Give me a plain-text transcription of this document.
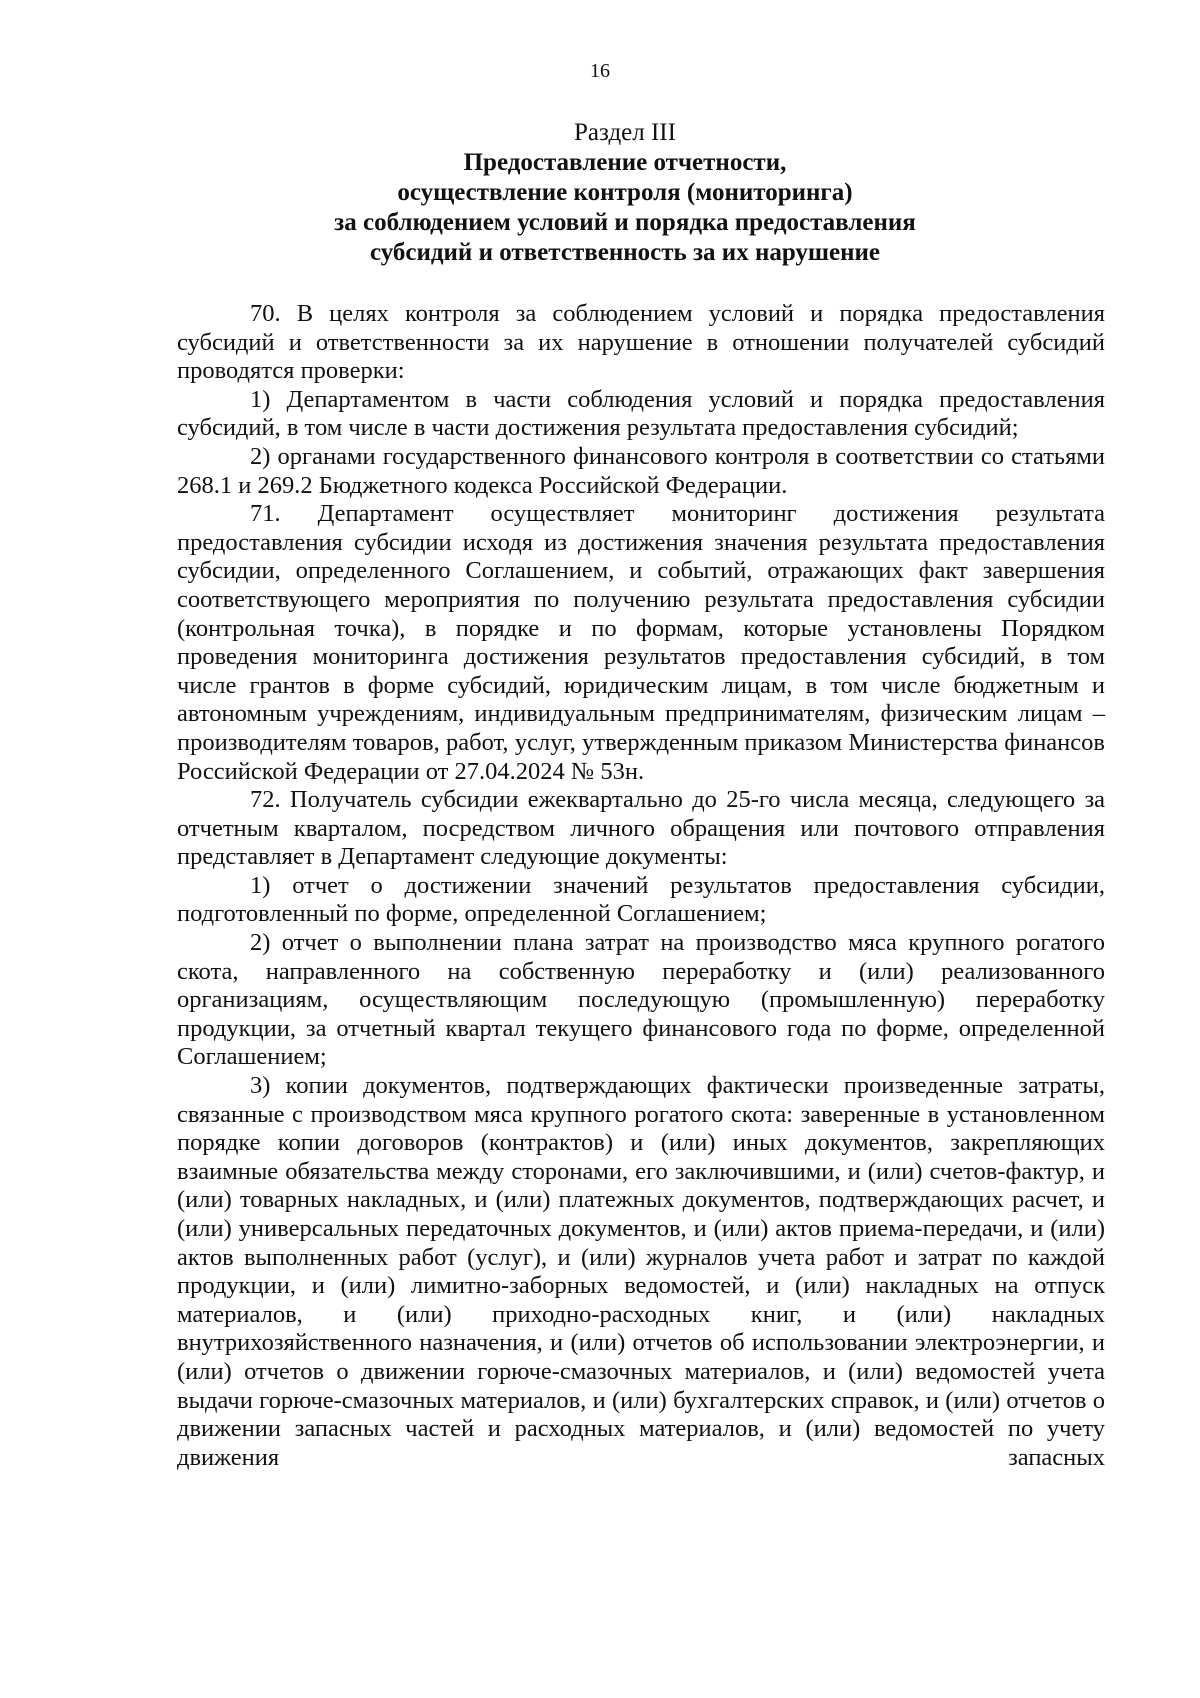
16
Раздел III
Предоставление отчетности,
осуществление контроля (мониторинга)
за соблюдением условий и порядка предоставления
субсидий и ответственность за их нарушение

70. В целях контроля за соблюдением условий и порядка предоставления субсидий и ответственности за их нарушение в отношении получателей субсидий проводятся проверки:

1) Департаментом в части соблюдения условий и порядка предоставления субсидий, в том числе в части достижения результата предоставления субсидий;

2) органами государственного финансового контроля в соответствии со статьями 268.1 и 269.2 Бюджетного кодекса Российской Федерации.

71. Департамент осуществляет мониторинг достижения результата предоставления субсидии исходя из достижения значения результата предоставления субсидии, определенного Соглашением, и событий, отражающих факт завершения соответствующего мероприятия по получению результата предоставления субсидии (контрольная точка), в порядке и по формам, которые установлены Порядком проведения мониторинга достижения результатов предоставления субсидий, в том числе грантов в форме субсидий, юридическим лицам, в том числе бюджетным и автономным учреждениям, индивидуальным предпринимателям, физическим лицам – производителям товаров, работ, услуг, утвержденным приказом Министерства финансов Российской Федерации от 27.04.2024 № 53н.

72. Получатель субсидии ежеквартально до 25-го числа месяца, следующего за отчетным кварталом, посредством личного обращения или почтового отправления представляет в Департамент следующие документы:

1) отчет о достижении значений результатов предоставления субсидии, подготовленный по форме, определенной Соглашением;

2) отчет о выполнении плана затрат на производство мяса крупного рогатого скота, направленного на собственную переработку и (или) реализованного организациям, осуществляющим последующую (промышленную) переработку продукции, за отчетный квартал текущего финансового года по форме, определенной Соглашением;

3) копии документов, подтверждающих фактически произведенные затраты, связанные с производством мяса крупного рогатого скота: заверенные в установленном порядке копии договоров (контрактов) и (или) иных документов, закрепляющих взаимные обязательства между сторонами, его заключившими, и (или) счетов-фактур, и (или) товарных накладных, и (или) платежных документов, подтверждающих расчет, и (или) универсальных передаточных документов, и (или) актов приема-передачи, и (или) актов выполненных работ (услуг), и (или) журналов учета работ и затрат по каждой продукции, и (или) лимитно-заборных ведомостей, и (или) накладных на отпуск материалов, и (или) приходно-расходных книг, и (или) накладных внутрихозяйственного назначения, и (или) отчетов об использовании электроэнергии, и (или) отчетов о движении горюче-смазочных материалов, и (или) ведомостей учета выдачи горюче-смазочных материалов, и (или) бухгалтерских справок, и (или) отчетов о движении запасных частей и расходных материалов, и (или) ведомостей по учету движения запасных
